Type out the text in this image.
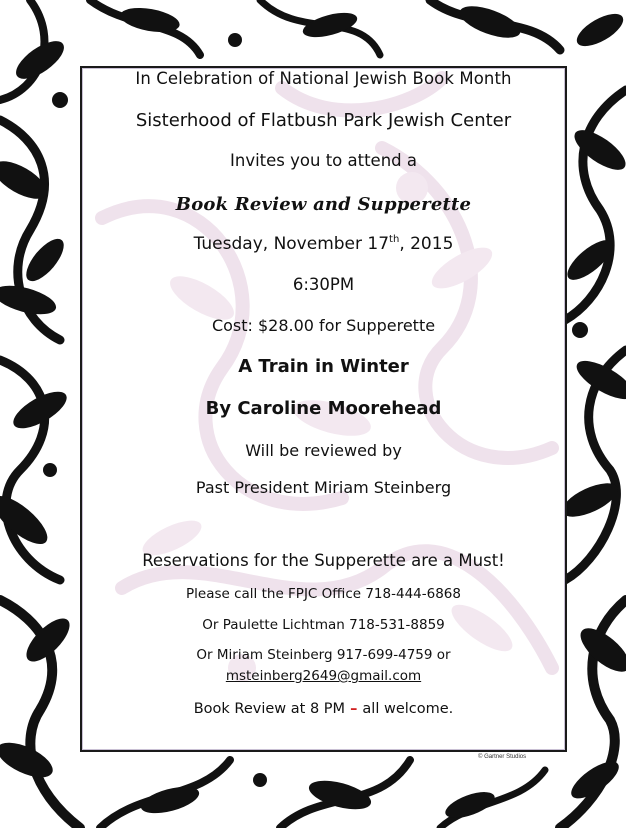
In Celebration of National Jewish Book Month
Sisterhood of Flatbush Park Jewish Center
Invites you to attend a
Book Review and Supperette
Tuesday, November 17th, 2015
6:30PM
Cost: $28.00 for Supperette
A Train in Winter
By Caroline Moorehead
Will be reviewed by
Past President Miriam Steinberg
Reservations for the Supperette are a Must!
Please call the FPJC Office 718-444-6868
Or Paulette Lichtman 718-531-8859
Or Miriam Steinberg 917-699-4759 or
msteinberg2649@gmail.com
Book Review at 8 PM – all welcome.
© Gartner Studios
